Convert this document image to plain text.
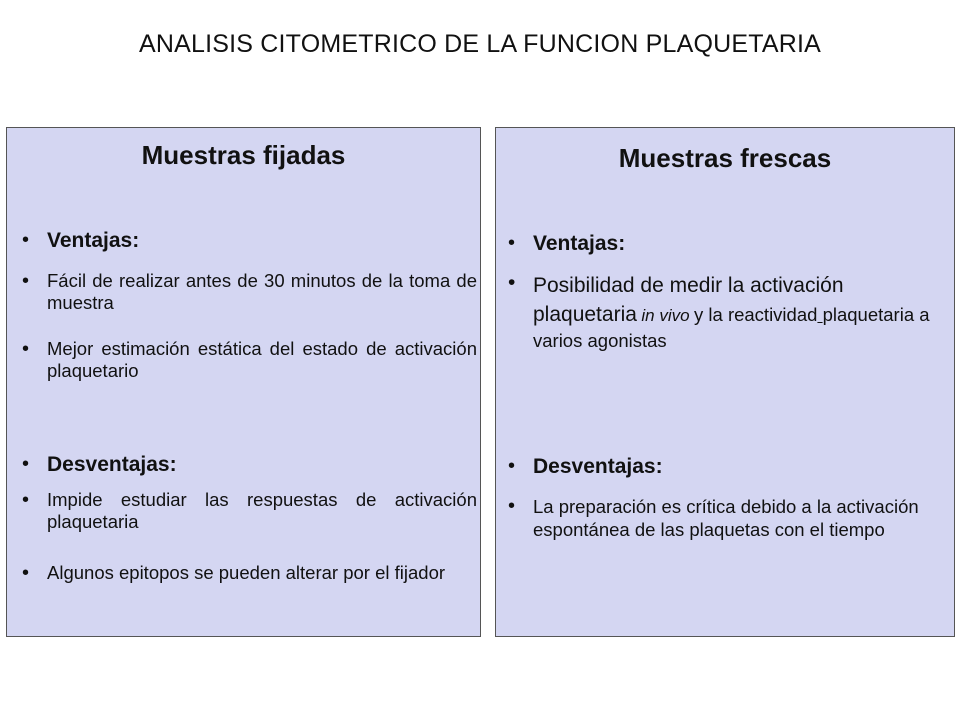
ANALISIS CITOMETRICO DE LA FUNCION PLAQUETARIA
Muestras fijadas
• Ventajas:
• Fácil de realizar antes de 30 minutos de la toma de muestra
• Mejor estimación estática del estado de activación plaquetario
• Desventajas:
• Impide estudiar las respuestas de activación plaquetaria
• Algunos epitopos se pueden alterar por el fijador
Muestras frescas
• Ventajas:
• Posibilidad de medir la activación plaquetaria in vivo y la reactividad plaquetaria a varios agonistas
• Desventajas:
• La preparación es crítica debido a la activación espontánea de las plaquetas con el tiempo
